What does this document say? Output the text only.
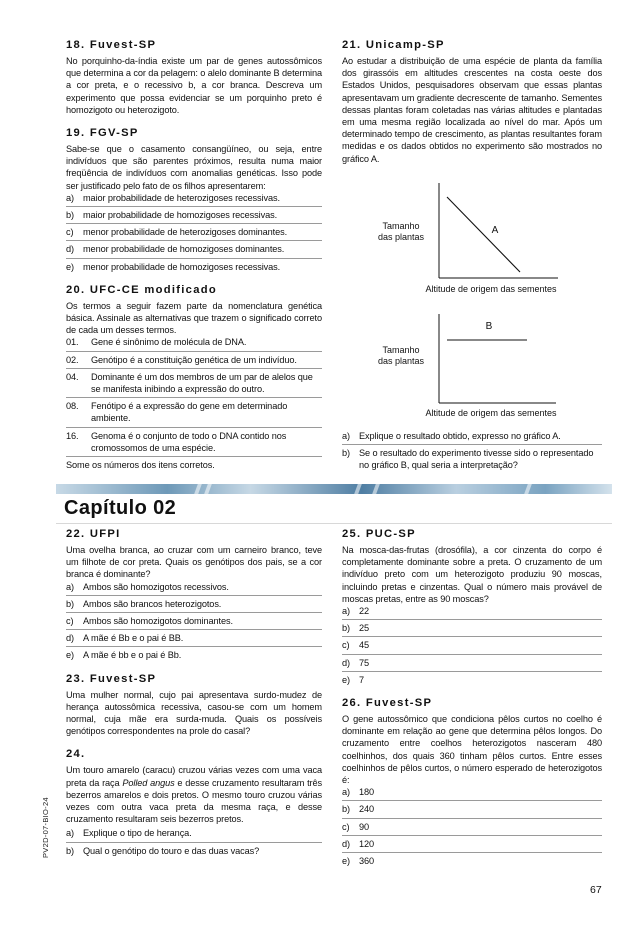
18. Fuvest-SP

No porquinho-da-índia existe um par de genes autossômicos que determina a cor da pelagem: o alelo dominante B determina a cor preta, e o recessivo b, a cor branca. Descreva um experimento que possa evidenciar se um porquinho preto é homozigoto ou heterozigoto.

19. FGV-SP

Sabe-se que o casamento consangüíneo, ou seja, entre indivíduos que são parentes próximos, resulta numa maior freqüência de indivíduos com anomalias genéticas. Isso pode ser justificado pelo fato de os filhos apresentarem:

a) maior probabilidade de heterozigoses recessivas.
b) maior probabilidade de homozigoses recessivas.
c)	menor probabilidade de heterozigoses dominantes.
d) menor probabilidade de homozigoses dominantes.
e) menor probabilidade de homozigoses recessivas.
20. UFC-CE modificado

Os termos a seguir fazem parte da nomenclatura genética básica. Assinale as alternativas que trazem o significado correto de cada um desses termos.

01.	Gene é sinônimo de molécula de DNA.
02.	Genótipo é a constituição genética de um indivíduo.
04.	Dominante é um dos membros de um par de alelos que se manifesta inibindo a expressão do outro.
08.	Fenótipo é a expressão do gene em determinado ambiente.
16.	Genoma é o conjunto de todo o DNA contido nos cromossomos de uma espécie.

Some os números dos itens corretos.

21. Unicamp-SP

Ao estudar a distribuição de uma espécie de planta da família dos girassóis em altitudes crescentes na costa oeste dos Estados Unidos, pesquisadores observam que essas plantas apresentavam um gradiente decrescente de tamanho. Sementes dessas plantas foram coletadas nas várias altitudes e plantadas em uma mesma região localizada ao nível do mar. Após um determinado tempo de crescimento, as plantas resultantes foram medidas e os dados obtidos no experimento são mostrados no gráfico A.

Tamanho
das plantas
A
Altitude de origem das sementes
Tamanho
das plantas
B
Altitude de origem das sementes
a) Explique o resultado obtido, expresso no gráfico A.
b) Se o resultado do experimento tivesse sido o representado no gráfico B, qual seria a interpretação?
Capítulo 02
22. UFPI

Uma ovelha branca, ao cruzar com um carneiro branco, teve um filhote de cor preta. Quais os genótipos dos pais, se a cor branca é dominante?

a) Ambos são homozigotos recessivos.
b) Ambos são brancos heterozigotos.
c)	Ambos são homozigotos dominantes.
d) A mãe é Bb e o pai é BB.
e) A mãe é bb e o pai é Bb.
23. Fuvest-SP

Uma mulher normal, cujo pai apresentava surdo-mudez de herança autossômica recessiva, casou-se com um homem normal, cuja mãe era surda-muda. Quais os possíveis genótipos correspondentes na prole do casal?

24.

Um touro amarelo (caracu) cruzou várias vezes com uma vaca preta da raça Polled angus e desse cruzamento resultaram três bezerros amarelos e dois pretos. O mesmo touro cruzou várias vezes com outra vaca preta da mesma raça, e desse cruzamento resultaram seis bezerros pretos.

a) Explique o tipo de herança.
b) Qual o genótipo do touro e das duas vacas?
25. PUC-SP

Na mosca-das-frutas (drosófila), a cor cinzenta do corpo é completamente dominante sobre a preta. O cruzamento de um indivíduo preto com um heterozigoto produziu 90 moscas, incluindo pretas e cinzentas. Qual o número mais provável de moscas pretas, entre as 90 moscas?

a) 22
b) 25
c)	45
d) 75
e) 7
26. Fuvest-SP

O gene autossômico que condiciona pêlos curtos no coelho é dominante em relação ao gene que determina pêlos longos. Do cruzamento entre coelhos heterozigotos nasceram 480 coelhinhos, dos quais 360 tinham pêlos curtos. Entre esses coelhinhos de pêlos curtos, o número esperado de heterozigotos é:

a) 180
b) 240
c)	90
d) 120
e) 360
PV2D-07-BIO-24
67
